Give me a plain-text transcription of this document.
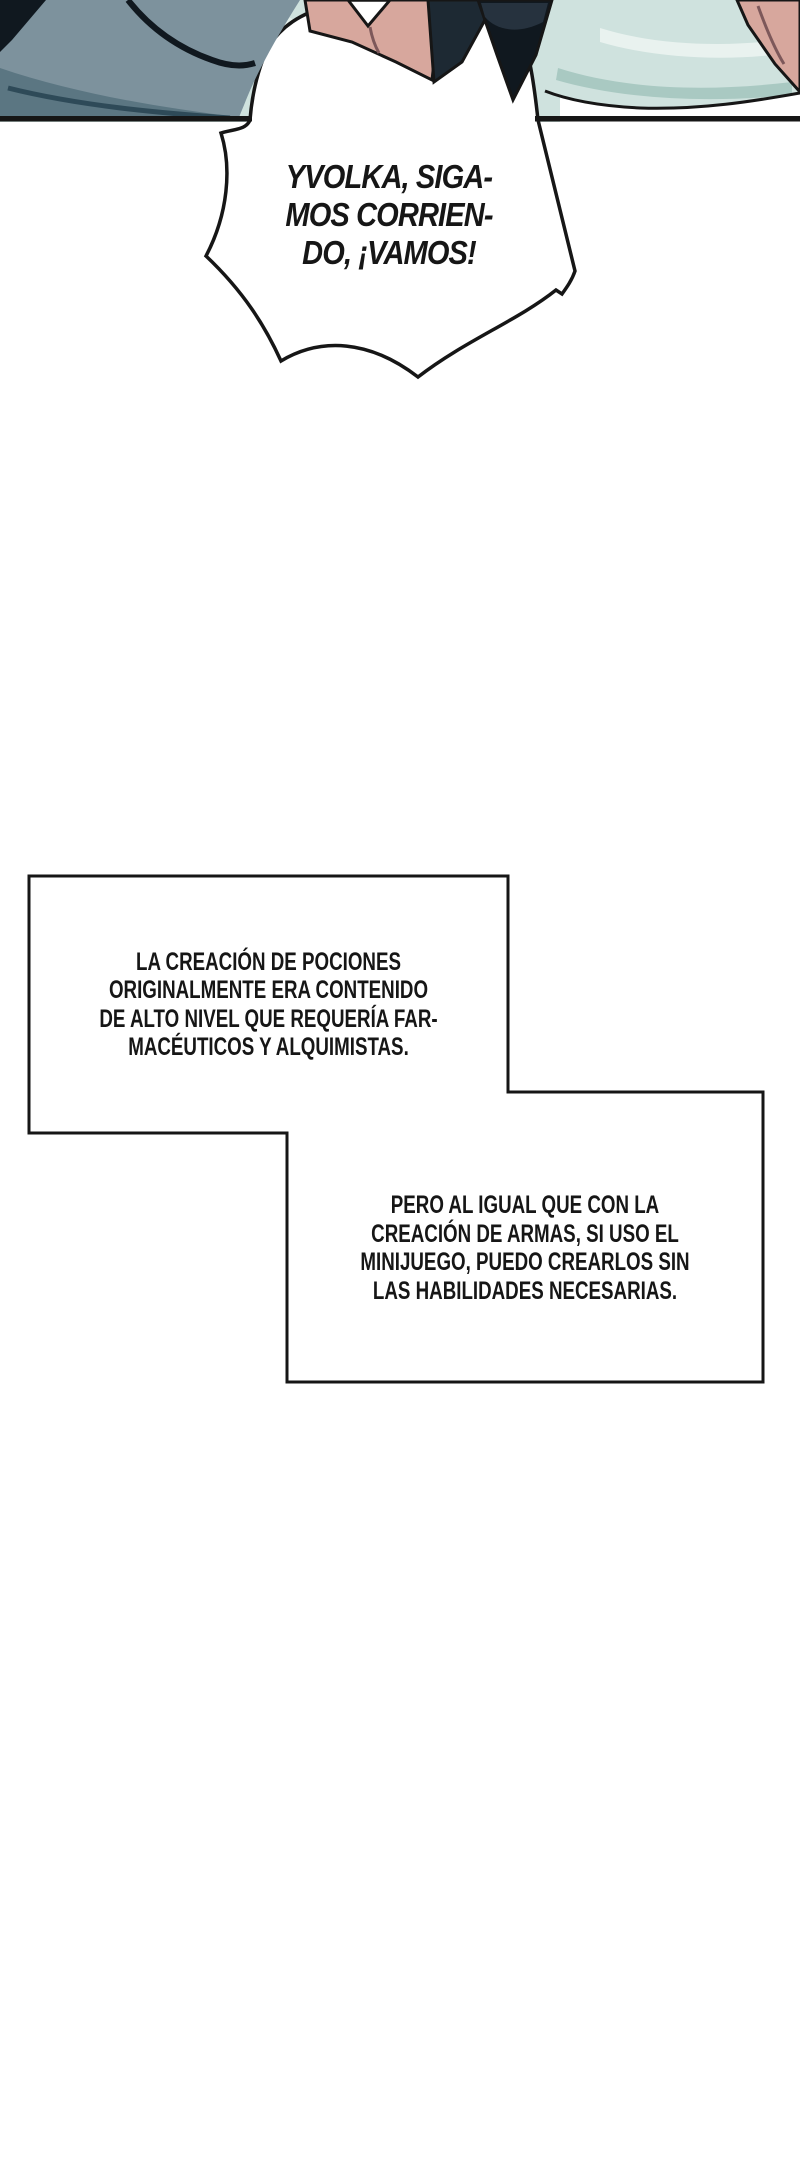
YVOLKA, SIGA-
MOS CORRIEN-
DO, ¡VAMOS!
LA CREACIÓN DE POCIONES
ORIGINALMENTE ERA CONTENIDO
DE ALTO NIVEL QUE REQUERÍA FAR-
MACÉUTICOS Y ALQUIMISTAS.
PERO AL IGUAL QUE CON LA
CREACIÓN DE ARMAS, SI USO EL
MINIJUEGO, PUEDO CREARLOS SIN
LAS HABILIDADES NECESARIAS.
